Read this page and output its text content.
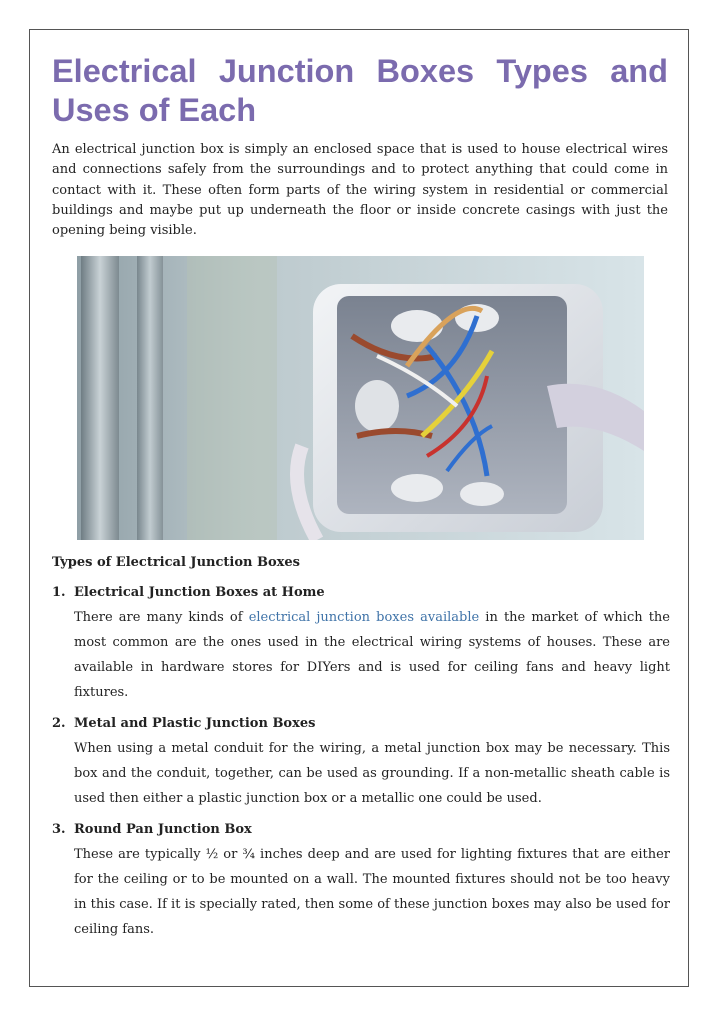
Electrical Junction Boxes Types and Uses of Each

An electrical junction box is simply an enclosed space that is used to house electrical wires and connections safely from the surroundings and to protect anything that could come in contact with it. These often form parts of the wiring system in residential or commercial buildings and maybe put up underneath the floor or inside concrete casings with just the opening being visible.

Types of Electrical Junction Boxes
1. Electrical Junction Boxes at Home

There are many kinds of electrical junction boxes available in the market of which the most common are the ones used in the electrical wiring systems of houses. These are available in hardware stores for DIYers and is used for ceiling fans and heavy light fixtures.

2. Metal and Plastic Junction Boxes

When using a metal conduit for the wiring, a metal junction box may be necessary. This box and the conduit, together, can be used as grounding. If a non-metallic sheath cable is used then either a plastic junction box or a metallic one could be used.

3. Round Pan Junction Box

These are typically ½ or ¾ inches deep and are used for lighting fixtures that are either for the ceiling or to be mounted on a wall. The mounted fixtures should not be too heavy in this case. If it is specially rated, then some of these junction boxes may also be used for ceiling fans.
